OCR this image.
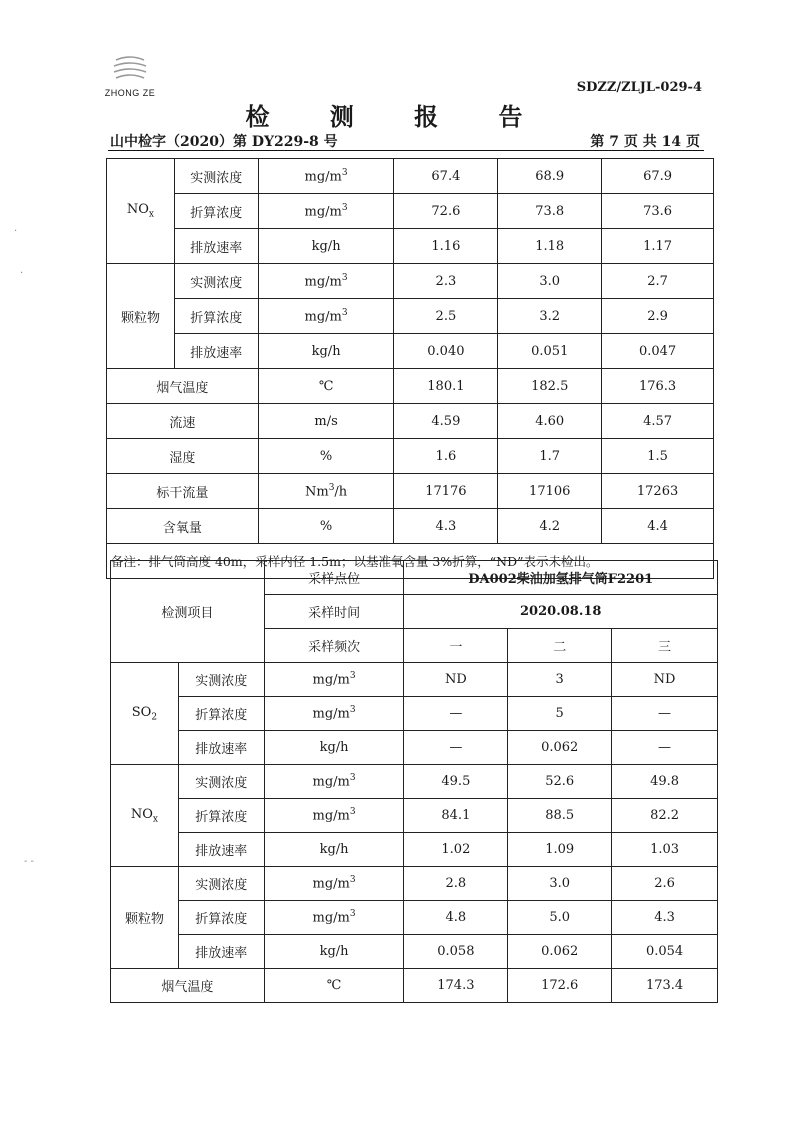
ZHONG ZE	SDZZ/ZLJL-029-4
检 测 报 告
山中检字（2020）第 DY229-8 号	第 7 页 共 14 页
·
·
- -
$NO_x$	实测浓度	$mg/m^3$	67.4	68.9	67.9
	折算浓度	$mg/m^3$	72.6	73.8	73.6
	排放速率	kg/h	1.16	1.18	1.17
颗粒物	实测浓度	$mg/m^3$	2.3	3.0	2.7
	折算浓度	$mg/m^3$	2.5	3.2	2.9
	排放速率	kg/h	0.040	0.051	0.047
烟气温度		℃	180.1	182.5	176.3
流速		m/s	4.59	4.60	4.57
湿度		%	1.6	1.7	1.5
标干流量		Nm$^3$/h	17176	17106	17263
含氧量		%	4.3	4.2	4.4
备注：排气筒高度 40m，采样内径 1.5m；以基准氧含量 3%折算，“ND”表示未检出。					
检测项目		采样点位	DA002柴油加氢排气筒F2201		
		采样时间	2020.08.18		
		采样频次	一	二	三
$SO_2$	实测浓度	$mg/m^3$	ND	3	ND
	折算浓度	$mg/m^3$	—	5	—
	排放速率	kg/h	—	0.062	—
$NO_x$	实测浓度	$mg/m^3$	49.5	52.6	49.8
	折算浓度	$mg/m^3$	84.1	88.5	82.2
	排放速率	kg/h	1.02	1.09	1.03
颗粒物	实测浓度	$mg/m^3$	2.8	3.0	2.6
	折算浓度	$mg/m^3$	4.8	5.0	4.3
	排放速率	kg/h	0.058	0.062	0.054
烟气温度		℃	174.3	172.6	173.4
